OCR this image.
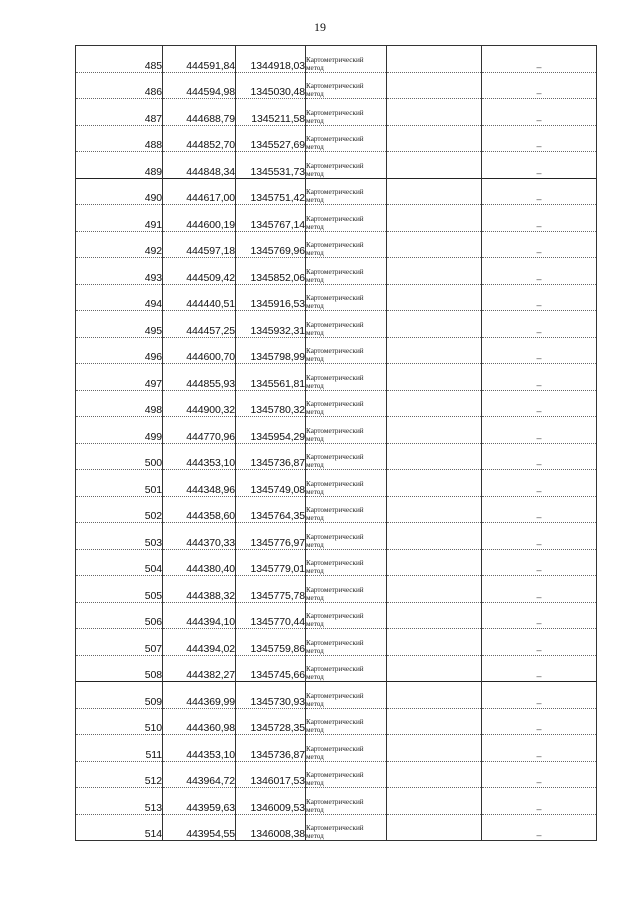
19
485	444591,84	1344918,03	Картометрический
метод		–
486	444594,98	1345030,48	Картометрический
метод		–
487	444688,79	1345211,58	Картометрический
метод		–
488	444852,70	1345527,69	Картометрический
метод		–
489	444848,34	1345531,73	Картометрический
метод		–
490	444617,00	1345751,42	Картометрический
метод		–
491	444600,19	1345767,14	Картометрический
метод		–
492	444597,18	1345769,96	Картометрический
метод		–
493	444509,42	1345852,06	Картометрический
метод		–
494	444440,51	1345916,53	Картометрический
метод		–
495	444457,25	1345932,31	Картометрический
метод		–
496	444600,70	1345798,99	Картометрический
метод		–
497	444855,93	1345561,81	Картометрический
метод		–
498	444900,32	1345780,32	Картометрический
метод		–
499	444770,96	1345954,29	Картометрический
метод		–
500	444353,10	1345736,87	Картометрический
метод		–
501	444348,96	1345749,08	Картометрический
метод		–
502	444358,60	1345764,35	Картометрический
метод		–
503	444370,33	1345776,97	Картометрический
метод		–
504	444380,40	1345779,01	Картометрический
метод		–
505	444388,32	1345775,78	Картометрический
метод		–
506	444394,10	1345770,44	Картометрический
метод		–
507	444394,02	1345759,86	Картометрический
метод		–
508	444382,27	1345745,66	Картометрический
метод		–
509	444369,99	1345730,93	Картометрический
метод		–
510	444360,98	1345728,35	Картометрический
метод		–
511	444353,10	1345736,87	Картометрический
метод		–
512	443964,72	1346017,53	Картометрический
метод		–
513	443959,63	1346009,53	Картометрический
метод		–
514	443954,55	1346008,38	Картометрический
метод		–
